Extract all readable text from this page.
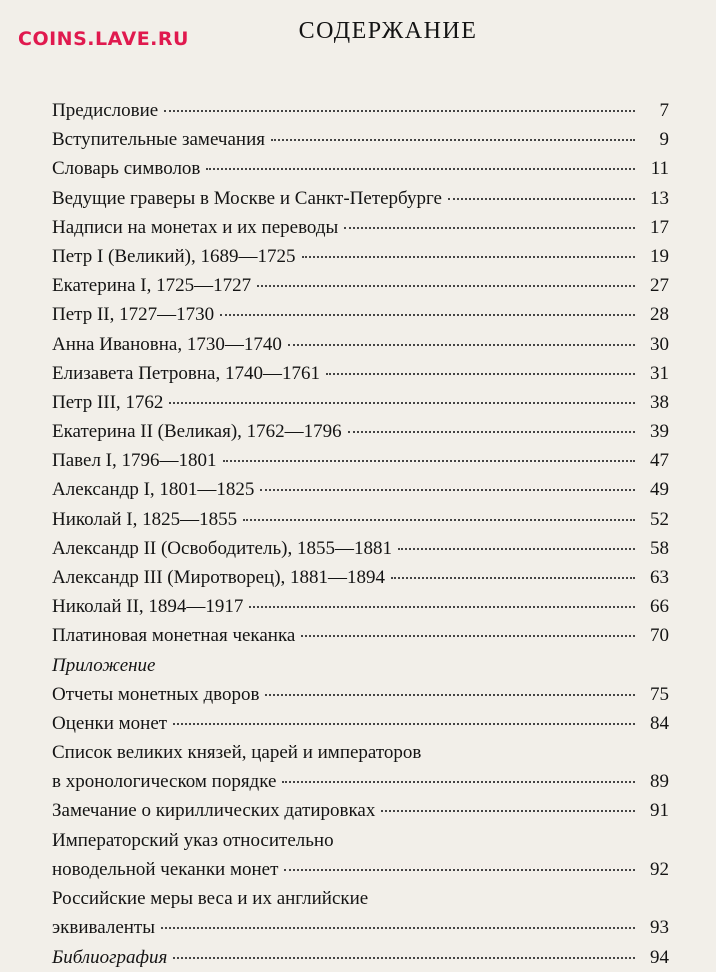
COINS.LAVE.RU	СОДЕРЖАНИЕ
Предисловие	7
Вступительные замечания	9
Словарь символов	11
Ведущие граверы в Москве и Санкт-Петербурге	13
Надписи на монетах и их переводы	17
Петр I (Великий), 1689—1725	19
Екатерина I, 1725—1727	27
Петр II, 1727—1730	28
Анна Ивановна, 1730—1740	30
Елизавета Петровна, 1740—1761	31
Петр III, 1762	38
Екатерина II (Великая), 1762—1796	39
Павел I, 1796—1801	47
Александр I, 1801—1825	49
Николай I, 1825—1855	52
Александр II (Освободитель), 1855—1881	58
Александр III (Миротворец), 1881—1894	63
Николай II, 1894—1917	66
Платиновая монетная чеканка	70
Приложение
Отчеты монетных дворов	75
Оценки монет	84
Список великих князей, царей и императоров
в хронологическом порядке	89
Замечание о кириллических датировках	91
Императорский указ относительно
новодельной чеканки монет	92
Российские меры веса и их английские
эквиваленты	93
Библиография	94
